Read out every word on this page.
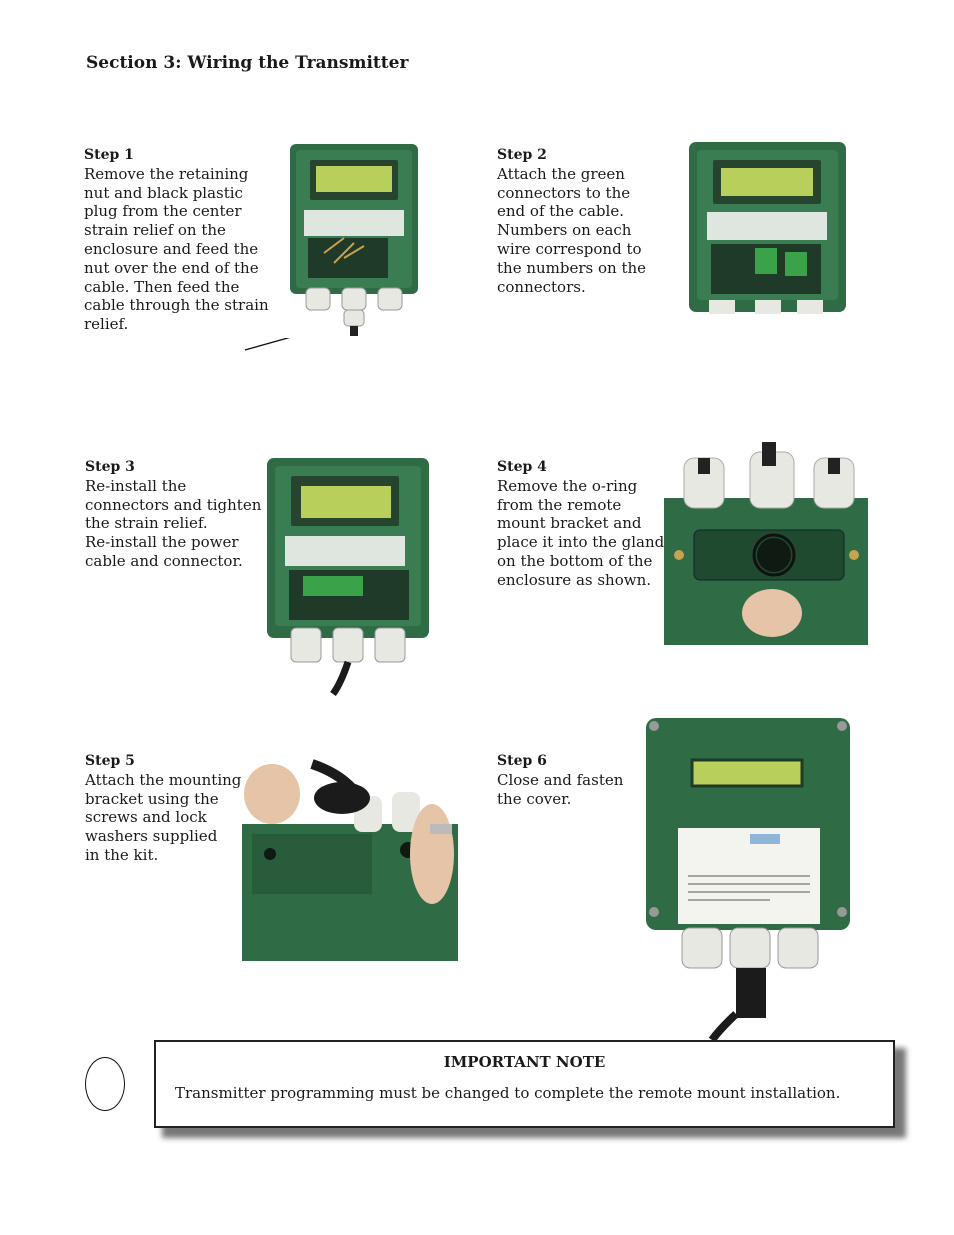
Section 3: Wiring the Transmitter
Step 1
Remove the retaining
nut and black plastic
plug from the center
strain relief on the
enclosure and feed the
nut over the end of the
cable. Then feed the
cable through the strain
relief.
Step 2
Attach the green
connectors to the
end of the cable.
Numbers on each
wire correspond to
the numbers on the
connectors.
Step 3
Re-install the
connectors and tighten
the strain relief.
Re-install the power
cable and connector.
Step 4
Remove the o-ring
from the remote
mount bracket and
place it into the gland
on the bottom of the
enclosure as shown.
Step 5
Attach the mounting
bracket using the
screws and lock
washers supplied
in the kit.
Step 6
Close and fasten
the cover.
IMPORTANT NOTE
Transmitter programming must be changed to complete the remote mount installation.
